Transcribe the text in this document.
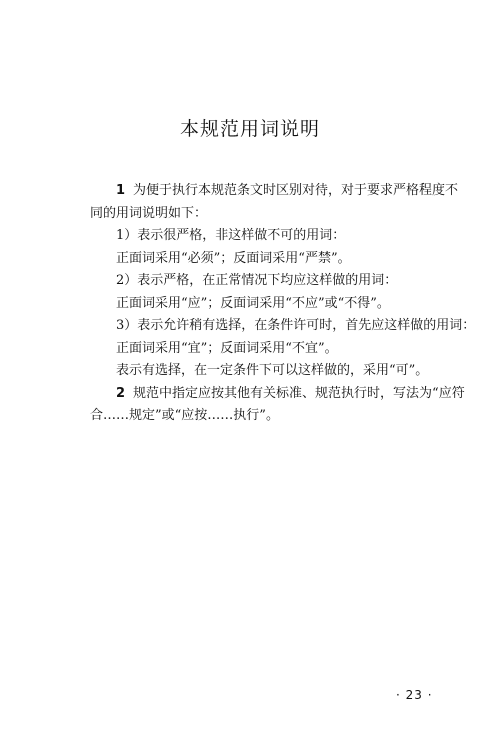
本规范用词说明
1 为便于执行本规范条文时区别对待，对于要求严格程度不
同的用词说明如下：
1）表示很严格，非这样做不可的用词：
正面词采用“必须”；反面词采用“严禁”。
2）表示严格，在正常情况下均应这样做的用词：
正面词采用“应”；反面词采用“不应”或“不得”。
3）表示允许稍有选择，在条件许可时，首先应这样做的用词：
正面词采用“宜”；反面词采用“不宜”。
表示有选择，在一定条件下可以这样做的，采用“可”。
2 规范中指定应按其他有关标准、规范执行时，写法为“应符
合……规定”或“应按……执行”。
· 23 ·
